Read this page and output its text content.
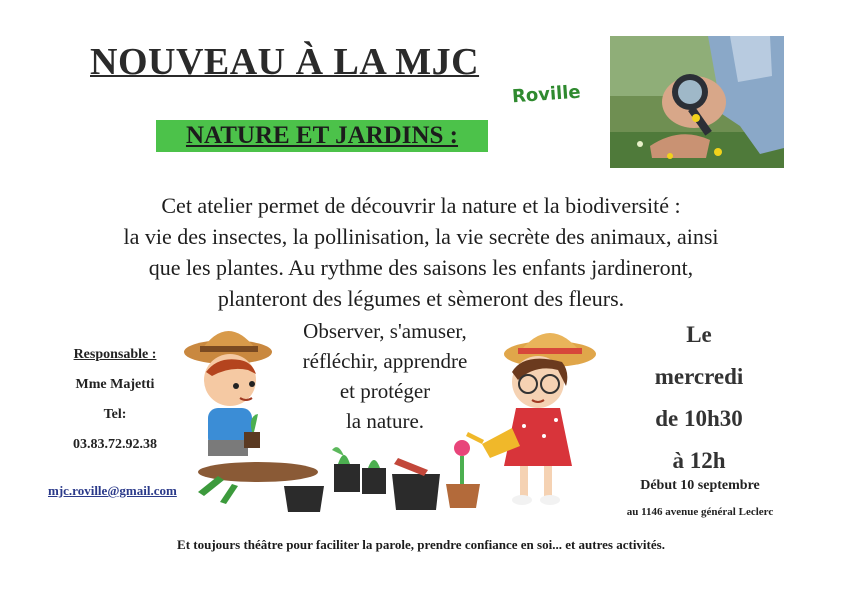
NOUVEAU À LA MJC
Roville
NATURE ET JARDINS :

Cet atelier permet de découvrir la nature et la biodiversité :

la vie des insectes, la pollinisation, la vie secrète des animaux, ainsi

que les plantes. Au rythme des saisons les enfants jardineront,

planteront des légumes et sèmeront des fleurs.

Responsable :
Mme Majetti
Tel:
03.83.72.92.38
mjc.roville@gmail.com
Observer, s'amuser,
réfléchir, apprendre
et protéger
la nature.
Le
mercredi
de 10h30
à 12h
Début 10 septembre
au 1146 avenue général Leclerc
Et toujours théâtre pour faciliter la parole, prendre confiance en soi... et autres activités.
